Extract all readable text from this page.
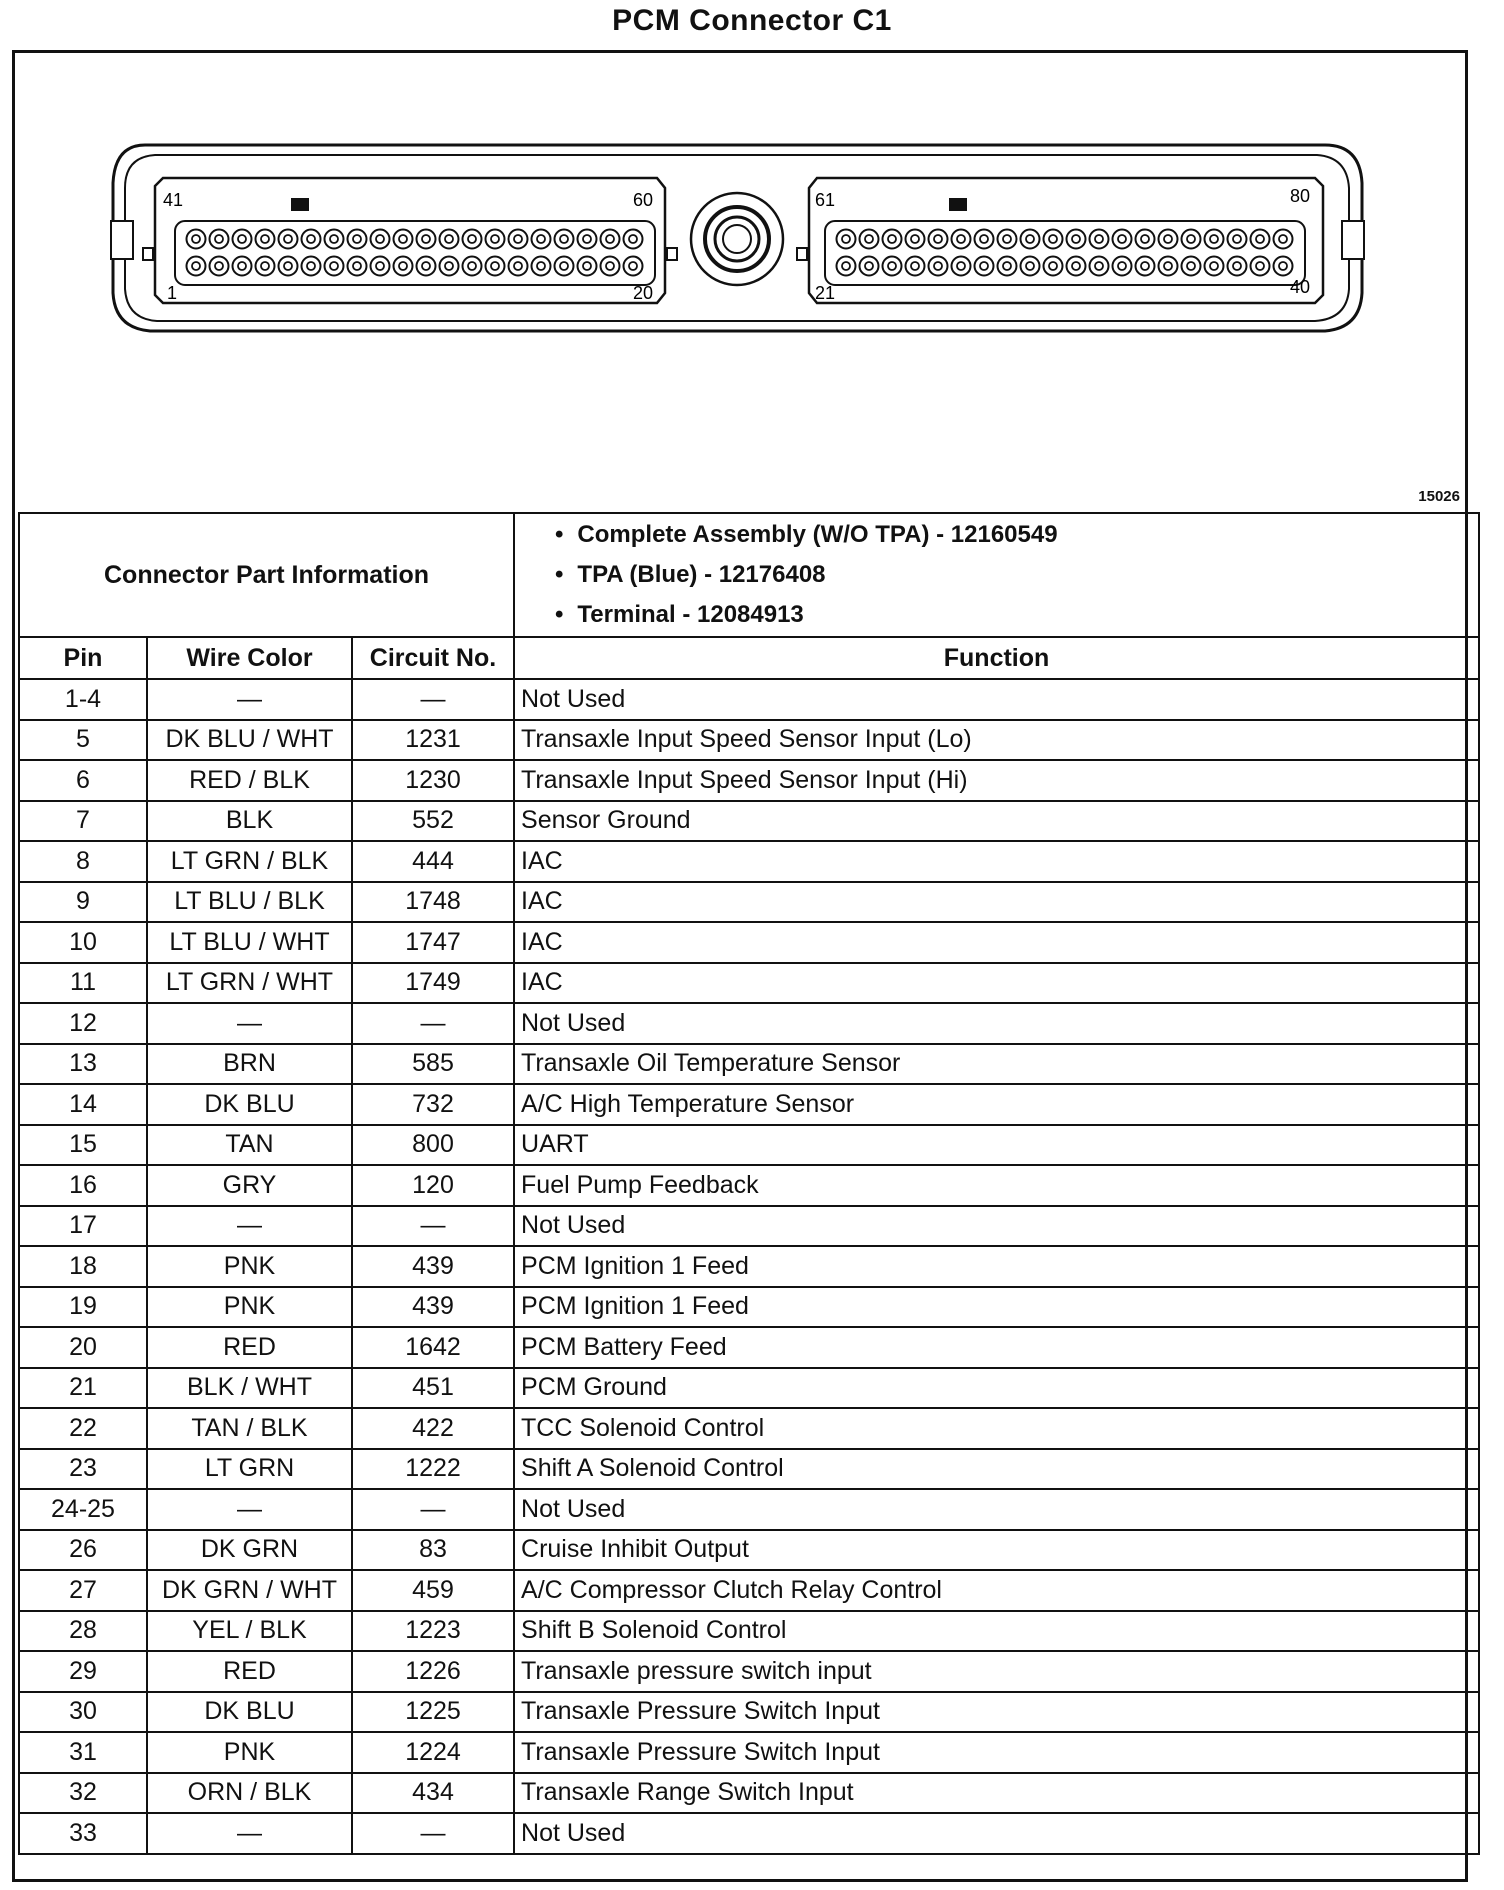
PCM Connector C1
41	60
1	20
61	80
21	40
15026
Connector Part Information			• Complete Assembly (W/O TPA) - 12160549
• TPA (Blue) - 12176408
• Terminal - 12084913

Pin	Wire Color	Circuit No.	Function
1-4	—	—	Not Used
5	DK BLU / WHT	1231	Transaxle Input Speed Sensor Input (Lo)
6	RED / BLK	1230	Transaxle Input Speed Sensor Input (Hi)
7	BLK	552	Sensor Ground
8	LT GRN / BLK	444	IAC
9	LT BLU / BLK	1748	IAC
10	LT BLU / WHT	1747	IAC
11	LT GRN / WHT	1749	IAC
12	—	—	Not Used
13	BRN	585	Transaxle Oil Temperature Sensor
14	DK BLU	732	A/C High Temperature Sensor
15	TAN	800	UART
16	GRY	120	Fuel Pump Feedback
17	—	—	Not Used
18	PNK	439	PCM Ignition 1 Feed
19	PNK	439	PCM Ignition 1 Feed
20	RED	1642	PCM Battery Feed
21	BLK / WHT	451	PCM Ground
22	TAN / BLK	422	TCC Solenoid Control
23	LT GRN	1222	Shift A Solenoid Control
24-25	—	—	Not Used
26	DK GRN	83	Cruise Inhibit Output
27	DK GRN / WHT	459	A/C Compressor Clutch Relay Control
28	YEL / BLK	1223	Shift B Solenoid Control
29	RED	1226	Transaxle pressure switch input
30	DK BLU	1225	Transaxle Pressure Switch Input
31	PNK	1224	Transaxle Pressure Switch Input
32	ORN / BLK	434	Transaxle Range Switch Input
33	—	—	Not Used
